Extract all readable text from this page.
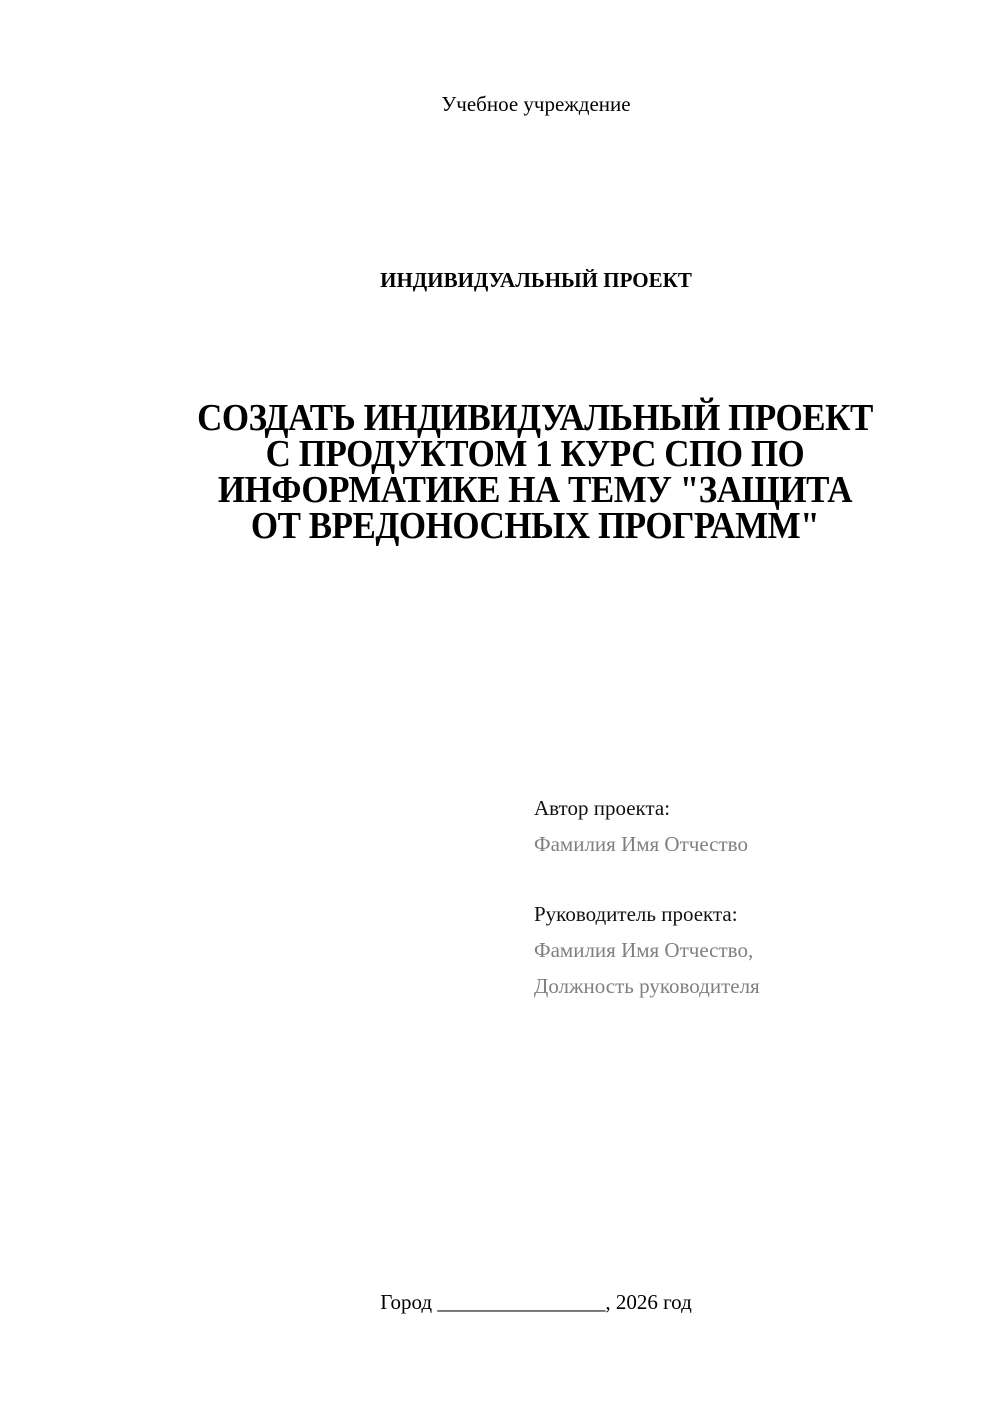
Учебное учреждение
ИНДИВИДУАЛЬНЫЙ ПРОЕКТ
СОЗДАТЬ ИНДИВИДУАЛЬНЫЙ ПРОЕКТ
С ПРОДУКТОМ 1 КУРС СПО ПО
ИНФОРМАТИКЕ НА ТЕМУ "ЗАЩИТА
ОТ ВРЕДОНОСНЫХ ПРОГРАММ"
Автор проекта:
Фамилия Имя Отчество
Руководитель проекта:
Фамилия Имя Отчество,
Должность руководителя
Город ________________, 2026 год
